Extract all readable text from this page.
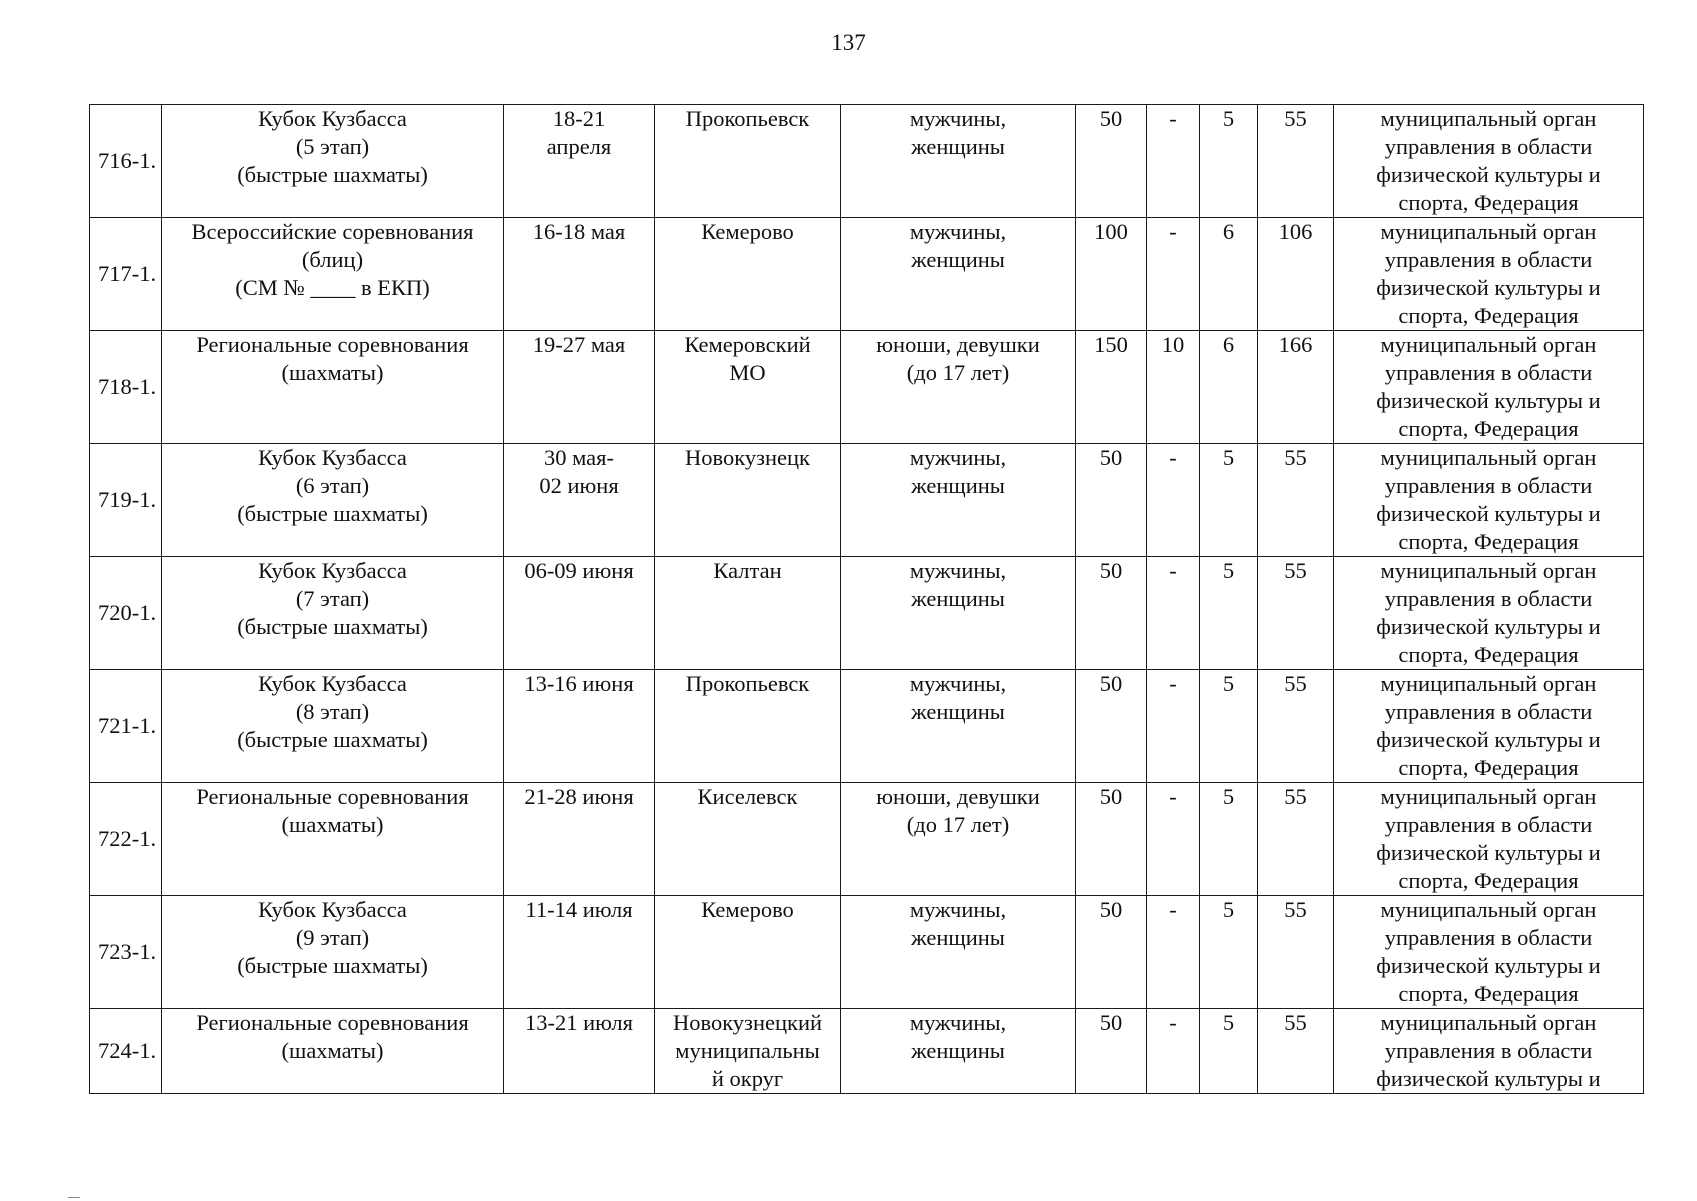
137
716-1.	Кубок Кузбасса
(5 этап)
(быстрые шахматы)	18-21
апреля	Прокопьевск	мужчины,
женщины	50	-	5	55	муниципальный орган
управления в области
физической культуры и
спорта, Федерация

717-1.	Всероссийские соревнования
(блиц)
(СМ № ____ в ЕКП)	16-18 мая	Кемерово	мужчины,
женщины	100	-	6	106	муниципальный орган
управления в области
физической культуры и
спорта, Федерация

718-1.	Региональные соревнования
(шахматы)	19-27 мая	Кемеровский
МО	юноши, девушки
(до 17 лет)	150	10	6	166	муниципальный орган
управления в области
физической культуры и
спорта, Федерация

719-1.	Кубок Кузбасса
(6 этап)
(быстрые шахматы)	30 мая-
02 июня	Новокузнецк	мужчины,
женщины	50	-	5	55	муниципальный орган
управления в области
физической культуры и
спорта, Федерация

720-1.	Кубок Кузбасса
(7 этап)
(быстрые шахматы)	06-09 июня	Калтан	мужчины,
женщины	50	-	5	55	муниципальный орган
управления в области
физической культуры и
спорта, Федерация

721-1.	Кубок Кузбасса
(8 этап)
(быстрые шахматы)	13-16 июня	Прокопьевск	мужчины,
женщины	50	-	5	55	муниципальный орган
управления в области
физической культуры и
спорта, Федерация

722-1.	Региональные соревнования
(шахматы)	21-28 июня	Киселевск	юноши, девушки
(до 17 лет)	50	-	5	55	муниципальный орган
управления в области
физической культуры и
спорта, Федерация

723-1.	Кубок Кузбасса
(9 этап)
(быстрые шахматы)	11-14 июля	Кемерово	мужчины,
женщины	50	-	5	55	муниципальный орган
управления в области
физической культуры и
спорта, Федерация

724-1.	Региональные соревнования
(шахматы)	13-21 июля	Новокузнецкий
муниципальны
й округ	мужчины,
женщины	50	-	5	55	муниципальный орган
управления в области
физической культуры и
